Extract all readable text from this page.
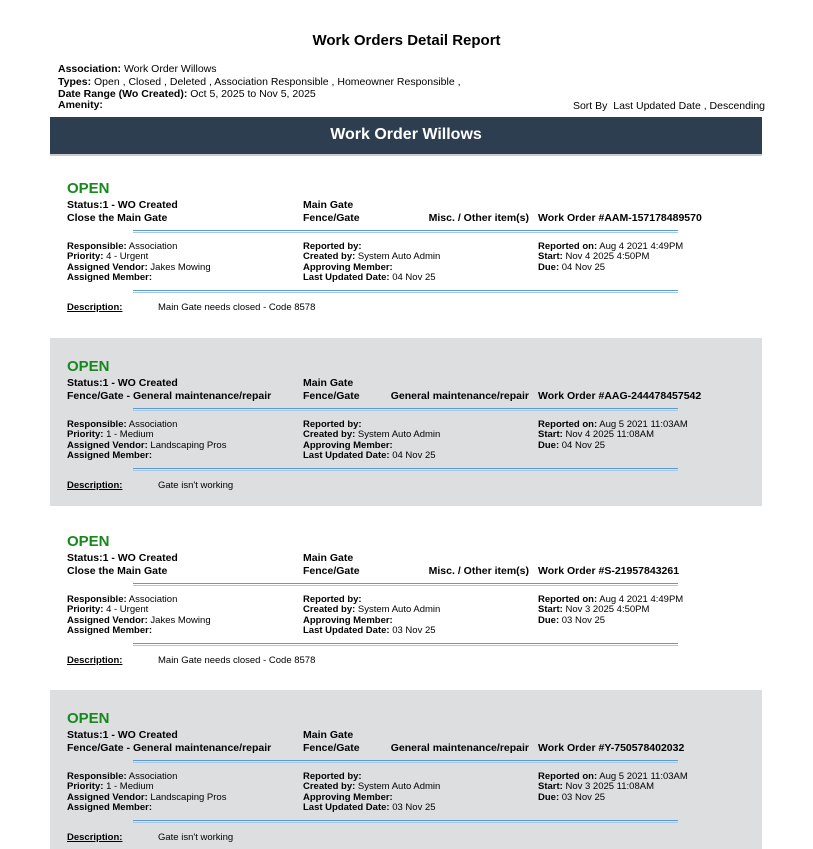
Work Orders Detail Report
Association: Work Order Willows
Types: Open , Closed , Deleted , Association Responsible , Homeowner Responsible ,
Date Range (Wo Created): Oct 5, 2025 to Nov 5, 2025
Amenity:	Sort By Last Updated Date , Descending
Work Order Willows
OPEN
Status:1 - WO Created
Close the Main Gate
Main Gate
Fence/Gate	Misc. / Other item(s) Work Order #AAM-157178489570
Responsible: Association
Priority: 4 - Urgent
Assigned Vendor: Jakes Mowing
Assigned Member:
Reported by:
Created by: System Auto Admin
Approving Member:
Last Updated Date: 04 Nov 25
Reported on: Aug 4 2021 4:49PM
Start: Nov 4 2025 4:50PM
Due: 04 Nov 25
Description:	Main Gate needs closed - Code 8578
OPEN
Status:1 - WO Created
Fence/Gate - General maintenance/repair
Main Gate
Fence/Gate	General maintenance/repair Work Order #AAG-244478457542
Responsible: Association
Priority: 1 - Medium
Assigned Vendor: Landscaping Pros
Assigned Member:
Reported by:
Created by: System Auto Admin
Approving Member:
Last Updated Date: 04 Nov 25
Reported on: Aug 5 2021 11:03AM
Start: Nov 4 2025 11:08AM
Due: 04 Nov 25
Description:	Gate isn't working
OPEN
Status:1 - WO Created
Close the Main Gate
Main Gate
Fence/Gate	Misc. / Other item(s) Work Order #S-21957843261
Responsible: Association
Priority: 4 - Urgent
Assigned Vendor: Jakes Mowing
Assigned Member:
Reported by:
Created by: System Auto Admin
Approving Member:
Last Updated Date: 03 Nov 25
Reported on: Aug 4 2021 4:49PM
Start: Nov 3 2025 4:50PM
Due: 03 Nov 25
Description:	Main Gate needs closed - Code 8578
OPEN
Status:1 - WO Created
Fence/Gate - General maintenance/repair
Main Gate
Fence/Gate	General maintenance/repair Work Order #Y-750578402032
Responsible: Association
Priority: 1 - Medium
Assigned Vendor: Landscaping Pros
Assigned Member:
Reported by:
Created by: System Auto Admin
Approving Member:
Last Updated Date: 03 Nov 25
Reported on: Aug 5 2021 11:03AM
Start: Nov 3 2025 11:08AM
Due: 03 Nov 25
Description:	Gate isn't working
